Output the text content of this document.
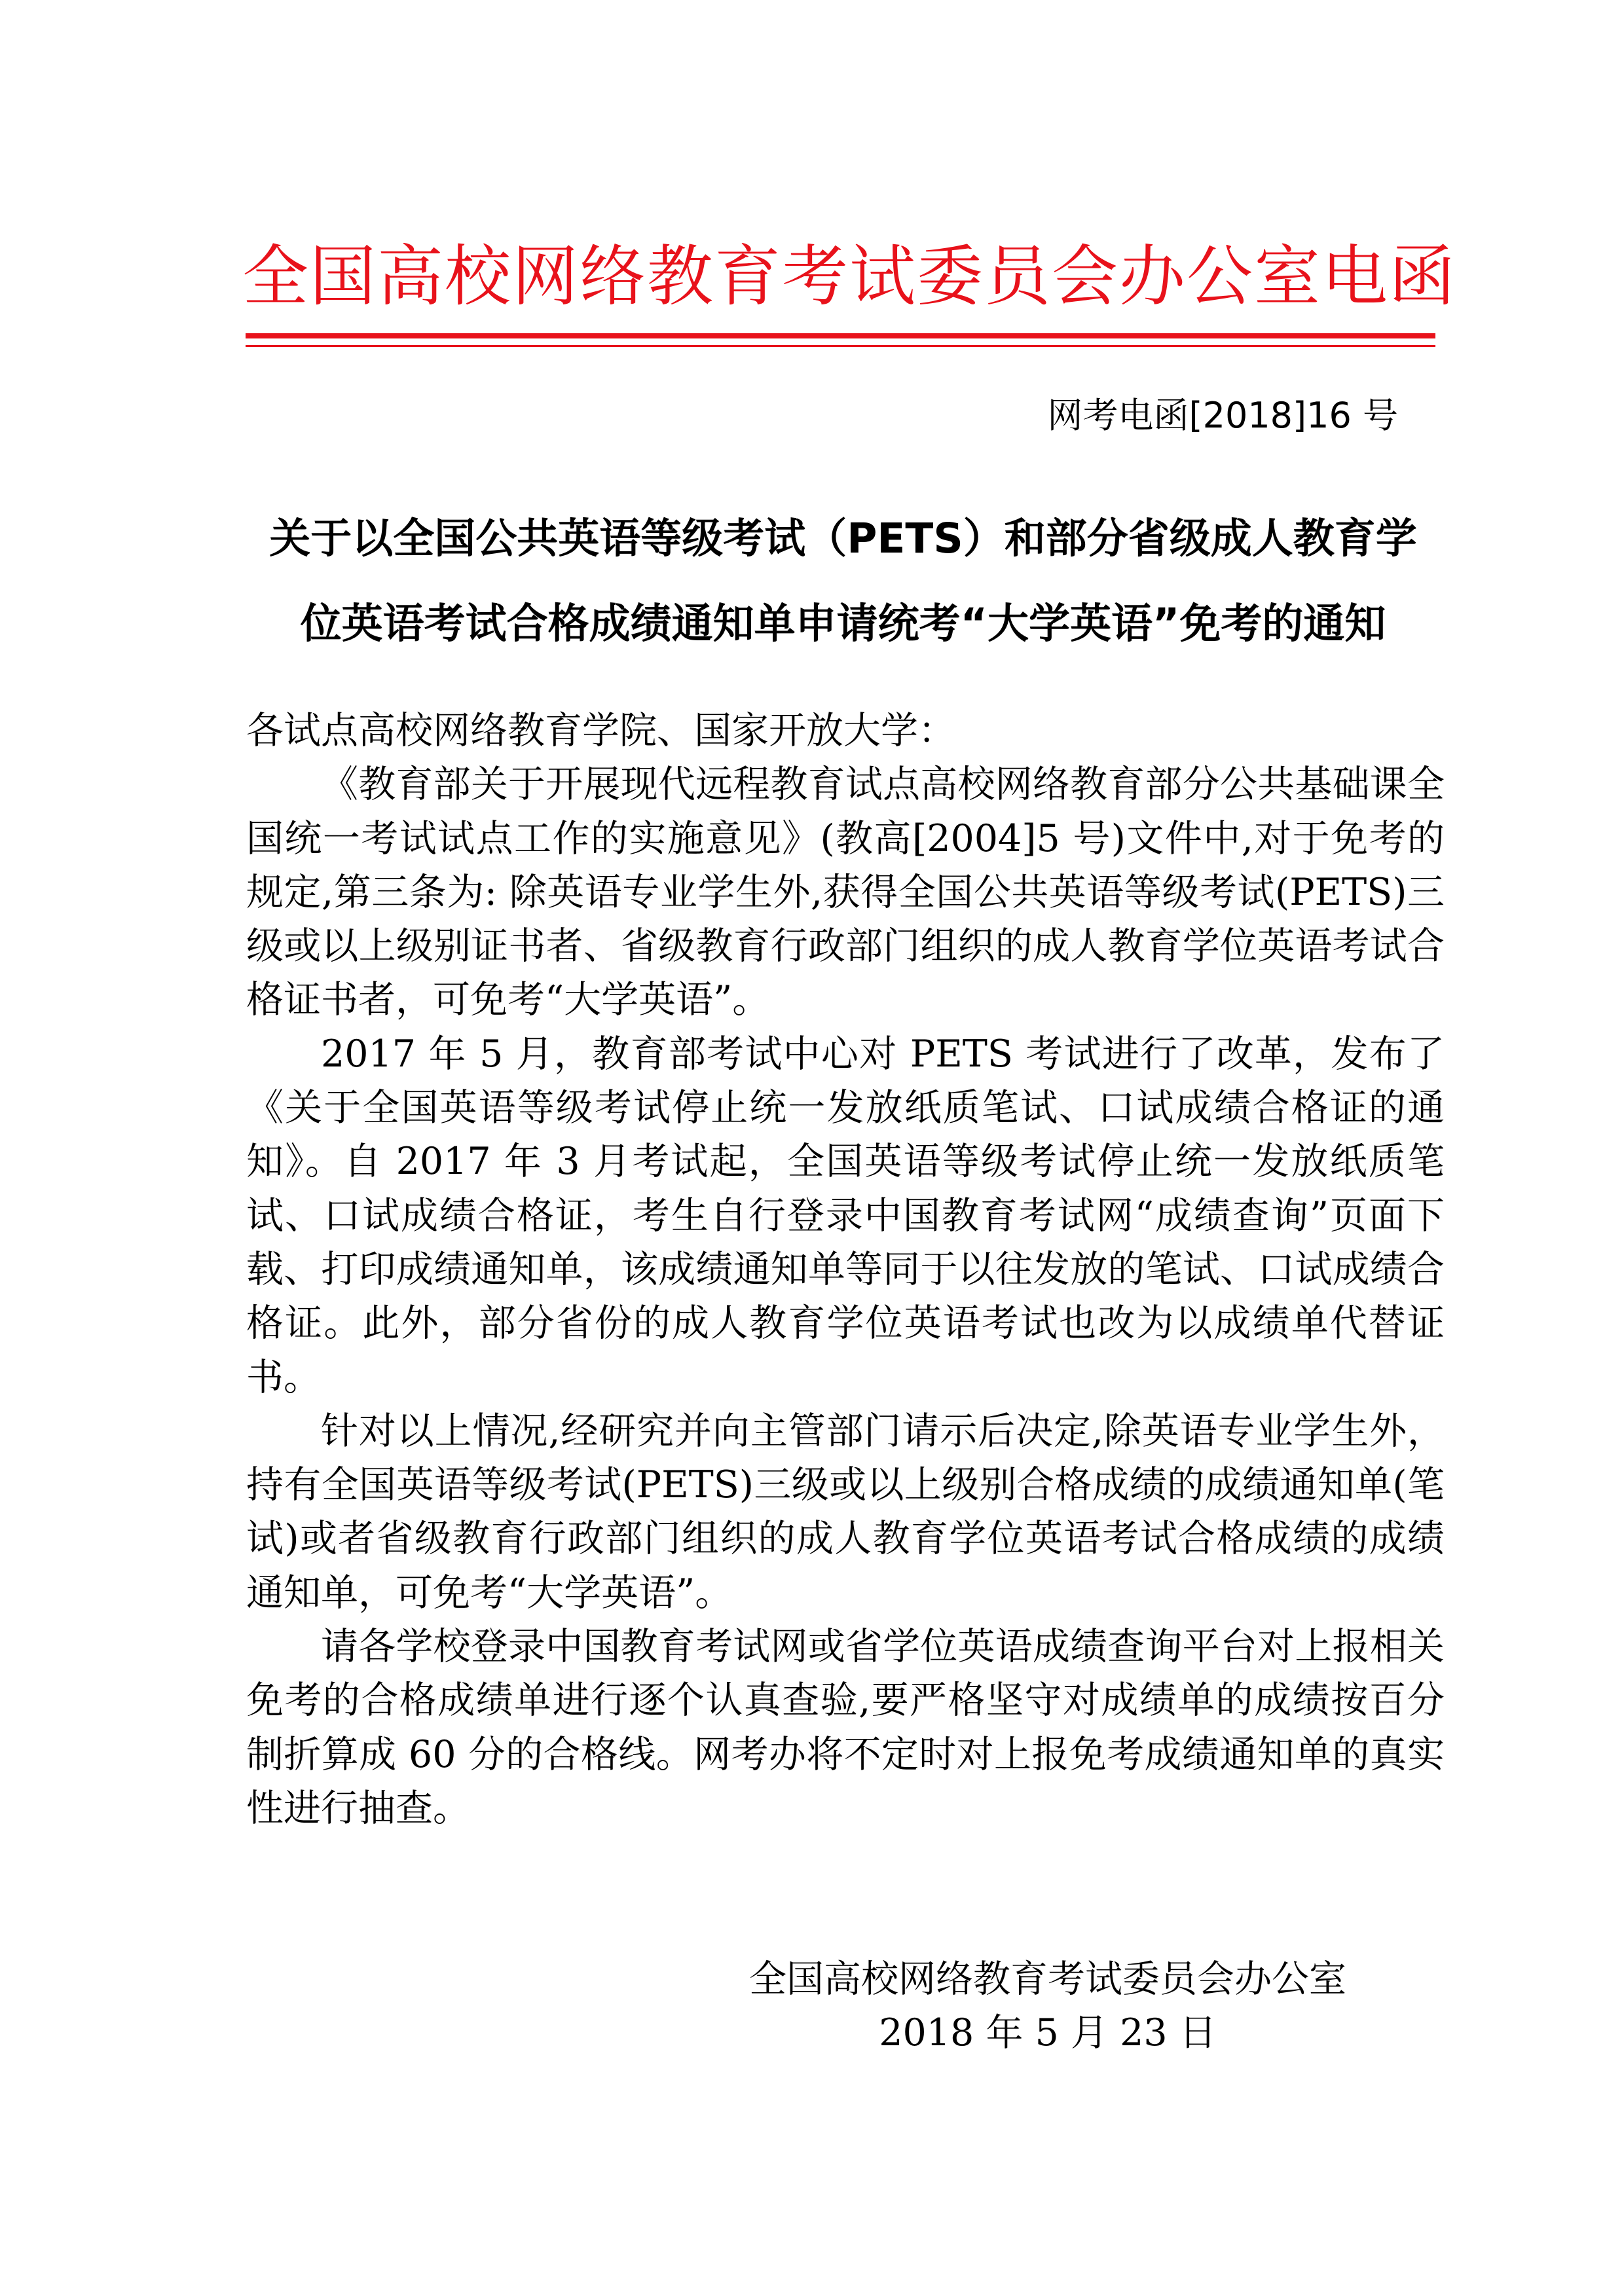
全国高校网络教育考试委员会办公室电函
网考电函[2018]16 号
关于以全国公共英语等级考试（PETS）和部分省级成人教育学
位英语考试合格成绩通知单申请统考“大学英语”免考的通知

各试点高校网络教育学院、国家开放大学：

《教育部关于开展现代远程教育试点高校网络教育部分公共基础课全国统一考试试点工作的实施意见》(教高[2004]5 号)文件中,对于免考的规定,第三条为: 除英语专业学生外,获得全国公共英语等级考试(PETS)三级或以上级别证书者、省级教育行政部门组织的成人教育学位英语考试合格证书者，可免考“大学英语”。

2017 年 5 月，教育部考试中心对 PETS 考试进行了改革，发布了《关于全国英语等级考试停止统一发放纸质笔试、口试成绩合格证的通知》。自 2017 年 3 月考试起，全国英语等级考试停止统一发放纸质笔试、口试成绩合格证，考生自行登录中国教育考试网“成绩查询”页面下载、打印成绩通知单，该成绩通知单等同于以往发放的笔试、口试成绩合格证。此外，部分省份的成人教育学位英语考试也改为以成绩单代替证书。

针对以上情况,经研究并向主管部门请示后决定,除英语专业学生外，持有全国英语等级考试(PETS)三级或以上级别合格成绩的成绩通知单(笔试)或者省级教育行政部门组织的成人教育学位英语考试合格成绩的成绩通知单，可免考“大学英语”。

请各学校登录中国教育考试网或省学位英语成绩查询平台对上报相关免考的合格成绩单进行逐个认真查验,要严格坚守对成绩单的成绩按百分制折算成 60 分的合格线。网考办将不定时对上报免考成绩通知单的真实性进行抽查。

全国高校网络教育考试委员会办公室
2018 年 5 月 23 日
